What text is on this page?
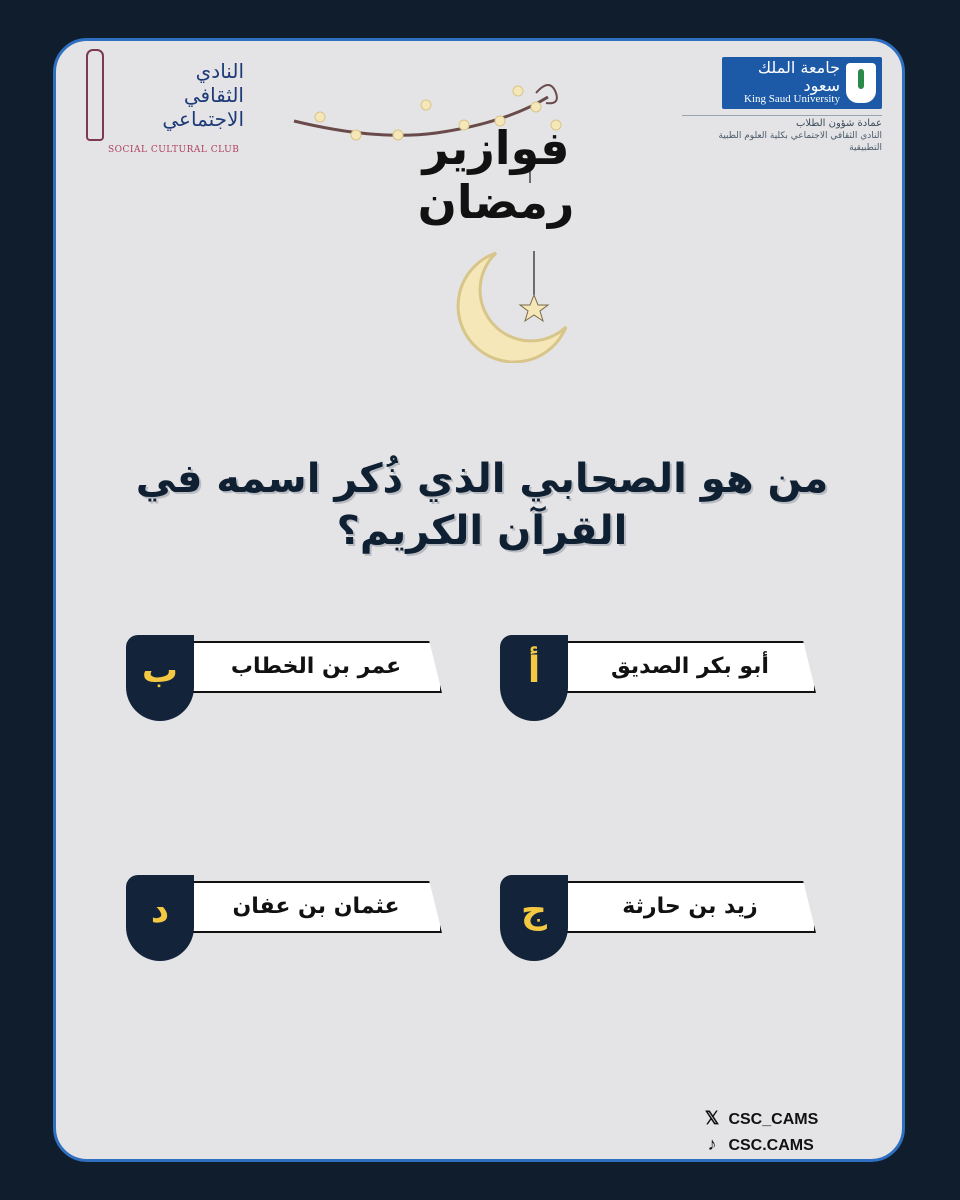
النادي
الثقافي
الاجتماعي
SOCIAL CULTURAL CLUB
جامعة الملك سعود
King Saud University
عمادة شؤون الطلاب
النادي الثقافي الاجتماعي بكلية العلوم الطبية
التطبيقية
فوازير رمضان
من هو الصحابي الذي ذُكر اسمه في القرآن الكريم؟
أبو بكر الصديق
أ
عمر بن الخطاب
ب
زيد بن حارثة
ج
عثمان بن عفان
د
𝕏 CSC_CAMS
♪ CSC.CAMS
